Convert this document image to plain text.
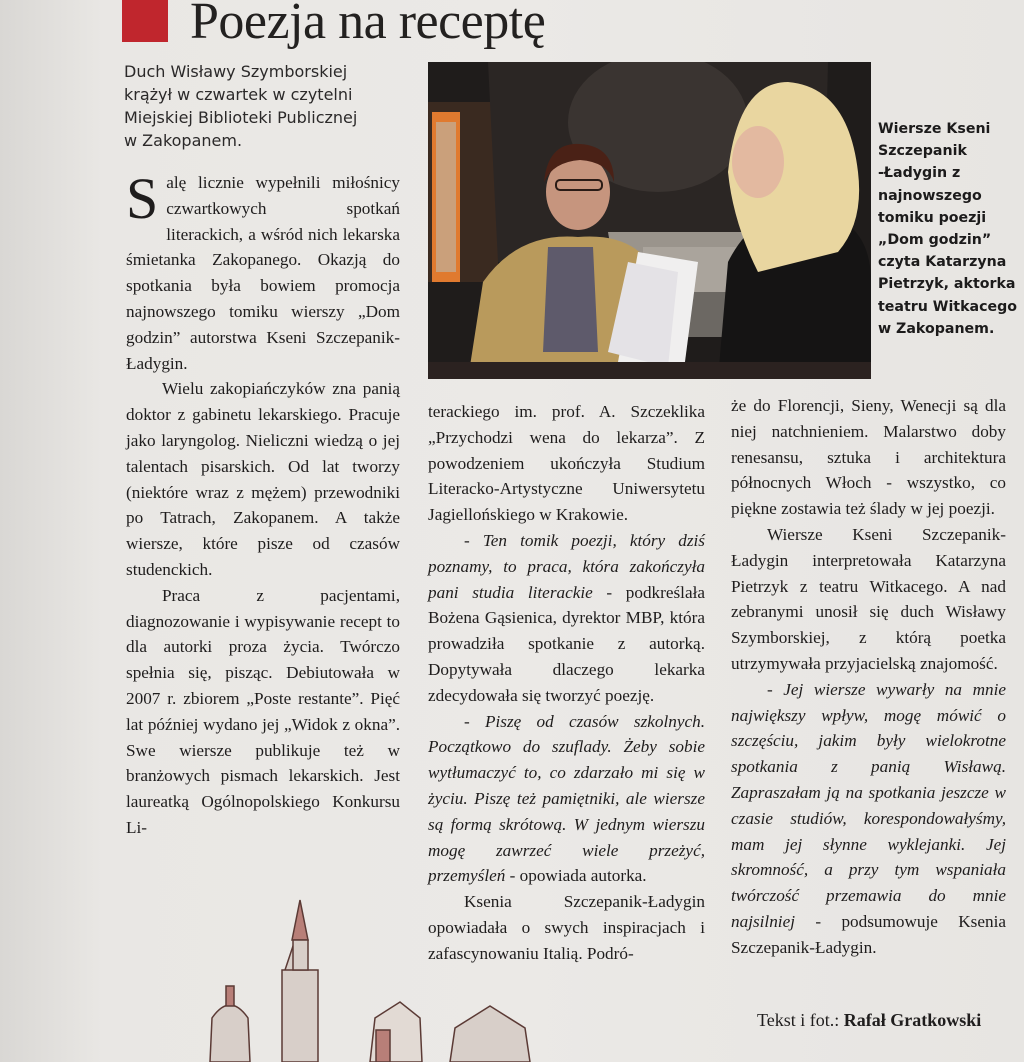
Poezja na receptę

Duch Wisławy Szymborskiej krążył w czwartek w czytelni Miejskiej Biblioteki Publicznej w Zakopanem.

Salę licznie wypełnili miłośnicy czwartkowych spotkań literackich, a wśród nich lekarska śmietanka Zakopanego. Okazją do spotkania była bowiem promocja najnowszego tomiku wierszy „Dom godzin” autorstwa Kseni Szczepanik-Ładygin.

Wielu zakopiańczyków zna panią doktor z gabinetu lekarskiego. Pracuje jako laryngolog. Nieliczni wiedzą o jej talentach pisarskich. Od lat tworzy (niektóre wraz z mężem) przewodniki po Tatrach, Zakopanem. A także wiersze, które pisze od czasów studenckich.

Praca z pacjentami, diagnozowanie i wypisywanie recept to dla autorki proza życia. Twórczo spełnia się, pisząc. Debiutowała w 2007 r. zbiorem „Poste restante”. Pięć lat później wydano jej „Widok z okna”. Swe wiersze publikuje też w branżowych pismach lekarskich. Jest laureatką Ogólnopolskiego Konkursu Li-

Wiersze Kseni Szczepanik -Ładygin z najnowszego tomiku poezji „Dom godzin” czyta Katarzyna Pietrzyk, aktorka teatru Witkacego w Zakopanem.

terackiego im. prof. A. Szczeklika „Przychodzi wena do lekarza”. Z powodzeniem ukończyła Studium Literacko-Artystyczne Uniwersytetu Jagiellońskiego w Krakowie.

- Ten tomik poezji, który dziś poznamy, to praca, która zakończyła pani studia literackie - podkreślała Bożena Gąsienica, dyrektor MBP, która prowadziła spotkanie z autorką. Dopytywała dlaczego lekarka zdecydowała się tworzyć poezję.

- Piszę od czasów szkolnych. Początkowo do szuflady. Żeby sobie wytłumaczyć to, co zdarzało mi się w życiu. Piszę też pamiętniki, ale wiersze są formą skrótową. W jednym wierszu mogę zawrzeć wiele przeżyć, przemyśleń - opowiada autorka.

Ksenia Szczepanik-Ładygin opowiadała o swych inspiracjach i zafascynowaniu Italią. Podró-

że do Florencji, Sieny, Wenecji są dla niej natchnieniem. Malarstwo doby renesansu, sztuka i architektura północnych Włoch - wszystko, co piękne zostawia też ślady w jej poezji.

Wiersze Kseni Szczepanik-Ładygin interpretowała Katarzyna Pietrzyk z teatru Witkacego. A nad zebranymi unosił się duch Wisławy Szymborskiej, z którą poetka utrzymywała przyjacielską znajomość.

- Jej wiersze wywarły na mnie największy wpływ, mogę mówić o szczęściu, jakim były wielokrotne spotkania z panią Wisławą. Zapraszałam ją na spotkania jeszcze w czasie studiów, korespondowałyśmy, mam jej słynne wyklejanki. Jej skromność, a przy tym wspaniała twórczość przemawia do mnie najsilniej - podsumowuje Ksenia Szczepanik-Ładygin.

Tekst i fot.: Rafał Gratkowski
